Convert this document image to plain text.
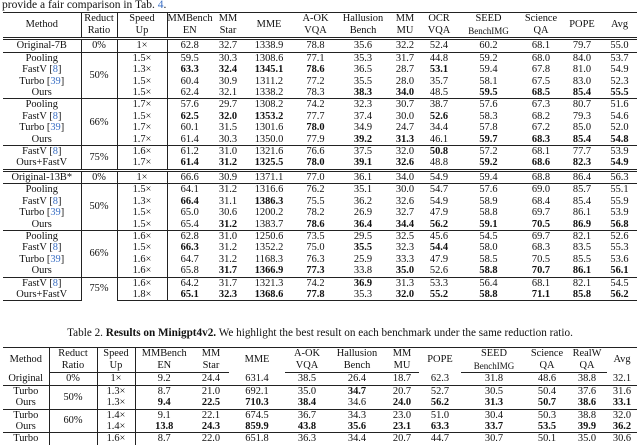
provide a fair comparison in Tab. 4.
Method	Reduct	Speed	MMBench	MM	MME	A-OK	Hallusion	MM	OCR	SEED	Science	POPE	Avg
	Ratio	Up	EN	Star		VQA	Bench	MU	VQA	BenchIMG	QA		
Original-7B	0%	1×	62.8	32.7	1338.9	78.8	35.6	32.2	52.4	60.2	68.1	79.7	55.0
Pooling	50%	1.5×	59.5	30.3	1308.6	77.1	35.3	31.7	44.8	59.2	68.0	84.0	53.7
FastV [8]		1.3×	63.3	32.4	1345.1	78.6	36.5	28.7	53.1	59.4	67.8	81.0	54.9
Turbo [39]		1.5×	60.4	30.9	1311.2	77.2	35.5	28.0	35.7	58.1	67.5	83.0	52.3
Ours		1.5×	62.4	32.1	1338.2	78.3	38.3	34.0	48.5	59.5	68.5	85.4	55.5
Pooling	66%	1.7×	57.6	29.7	1308.2	74.2	32.3	30.7	38.7	57.6	67.3	80.7	51.6
FastV [8]		1.5×	62.5	32.0	1353.2	77.7	37.4	30.0	52.6	58.3	68.2	79.3	54.6
Turbo [39]		1.7×	60.1	31.5	1301.6	78.0	34.9	24.7	34.4	57.8	67.2	85.0	52.0
Ours		1.7×	61.4	30.3	1350.0	77.9	39.2	31.3	46.1	59.7	68.3	85.4	54.8
FastV [8]	75%	1.6×	61.2	31.0	1321.6	76.6	37.5	32.0	50.8	57.2	68.1	77.7	53.9
Ours+FastV		1.7×	61.4	31.2	1325.5	78.0	39.1	32.6	48.8	59.2	68.6	82.3	54.9
Original-13B*	0%	1×	66.6	30.9	1371.1	77.0	36.1	34.0	54.9	59.4	68.8	86.4	56.3
Pooling	50%	1.5×	64.1	31.2	1316.6	76.2	35.1	30.0	54.7	57.6	69.0	85.7	55.1
FastV [8]		1.3×	66.4	31.1	1386.3	75.5	36.2	32.6	54.9	58.9	68.4	85.4	55.9
Turbo [39]		1.5×	65.0	30.6	1200.2	78.2	26.9	32.7	47.9	58.8	69.7	86.1	53.9
Ours		1.5×	65.4	31.2	1383.7	78.6	36.4	34.4	56.2	59.1	70.5	86.9	56.8
Pooling	66%	1.6×	62.8	31.0	1250.6	73.5	29.5	32.5	45.6	54.5	69.7	82.1	52.6
FastV [8]		1.5×	66.3	31.2	1352.2	75.0	35.5	32.3	54.4	58.0	68.3	83.5	55.3
Turbo [39]		1.6×	64.7	31.2	1168.3	76.3	25.9	33.3	47.9	58.5	70.5	85.5	53.6
Ours		1.6×	65.8	31.7	1366.9	77.3	33.8	35.0	52.6	58.8	70.7	86.1	56.1
FastV [8]	75%	1.6×	64.2	31.7	1321.3	74.2	36.9	31.3	53.3	56.4	68.1	82.1	54.5
Ours+FastV		1.8×	65.1	32.3	1368.6	77.8	35.3	32.0	55.2	58.8	71.1	85.8	56.2
Table 2. Results on Minigpt4v2. We highlight the best result on each benchmark under the same reduction ratio.
Method	Reduct	Speed	MMBench	MM	MME	A-OK	Hallusion	MM	POPE	SEED	Science	RealW	Avg
	Ratio	Up	EN	Star		VQA	Bench	MU		BenchIMG	QA	QA	
Original	0%	1×	9.2	24.4	631.4	38.5	26.4	18.7	62.3	31.8	48.6	38.8	32.1
Turbo	50%	1.3×	8.7	21.0	692.1	35.0	34.7	20.7	52.7	30.5	50.4	37.6	31.6
Ours		1.3×	9.4	22.5	710.3	38.4	34.6	24.0	56.2	31.3	50.7	38.6	33.1
Turbo	60%	1.4×	9.1	22.1	674.5	36.7	34.3	23.0	51.0	30.4	50.3	38.8	32.0
Ours		1.4×	13.8	24.3	859.9	43.8	35.6	23.1	63.3	33.7	53.5	39.9	36.2
Turbo		1.6×	8.7	22.0	651.8	36.3	34.4	20.7	44.7	30.7	50.1	35.0	30.6
